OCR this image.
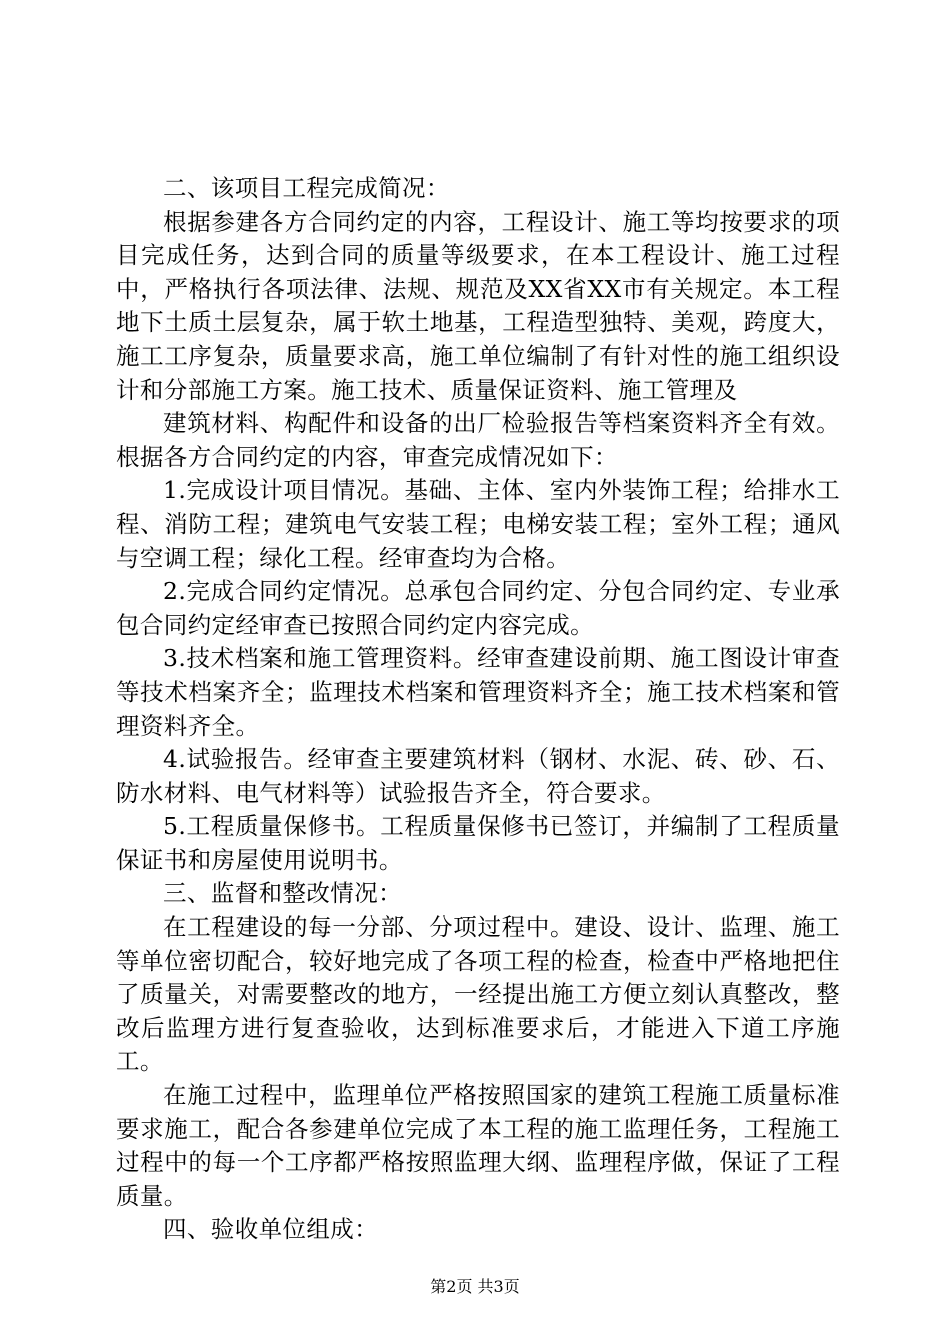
二、该项目工程完成简况：

根据参建各方合同约定的内容，工程设计、施工等均按要求的项目完成任务，达到合同的质量等级要求，在本工程设计、施工过程中，严格执行各项法律、法规、规范及XX省XX市有关规定。本工程地下土质土层复杂，属于软土地基，工程造型独特、美观，跨度大，施工工序复杂，质量要求高，施工单位编制了有针对性的施工组织设计和分部施工方案。施工技术、质量保证资料、施工管理及

建筑材料、构配件和设备的出厂检验报告等档案资料齐全有效。根据各方合同约定的内容，审查完成情况如下：

1.完成设计项目情况。基础、主体、室内外装饰工程；给排水工程、消防工程；建筑电气安装工程；电梯安装工程；室外工程；通风与空调工程；绿化工程。经审查均为合格。

2.完成合同约定情况。总承包合同约定、分包合同约定、专业承包合同约定经审查已按照合同约定内容完成。

3.技术档案和施工管理资料。经审查建设前期、施工图设计审查等技术档案齐全；监理技术档案和管理资料齐全；施工技术档案和管理资料齐全。

4.试验报告。经审查主要建筑材料（钢材、水泥、砖、砂、石、防水材料、电气材料等）试验报告齐全，符合要求。

5.工程质量保修书。工程质量保修书已签订，并编制了工程质量保证书和房屋使用说明书。

三、监督和整改情况：

在工程建设的每一分部、分项过程中。建设、设计、监理、施工等单位密切配合，较好地完成了各项工程的检查，检查中严格地把住了质量关，对需要整改的地方，一经提出施工方便立刻认真整改，整改后监理方进行复查验收，达到标准要求后，才能进入下道工序施工。

在施工过程中，监理单位严格按照国家的建筑工程施工质量标准要求施工，配合各参建单位完成了本工程的施工监理任务，工程施工过程中的每一个工序都严格按照监理大纲、监理程序做，保证了工程质量。

四、验收单位组成：

第2页 共3页
